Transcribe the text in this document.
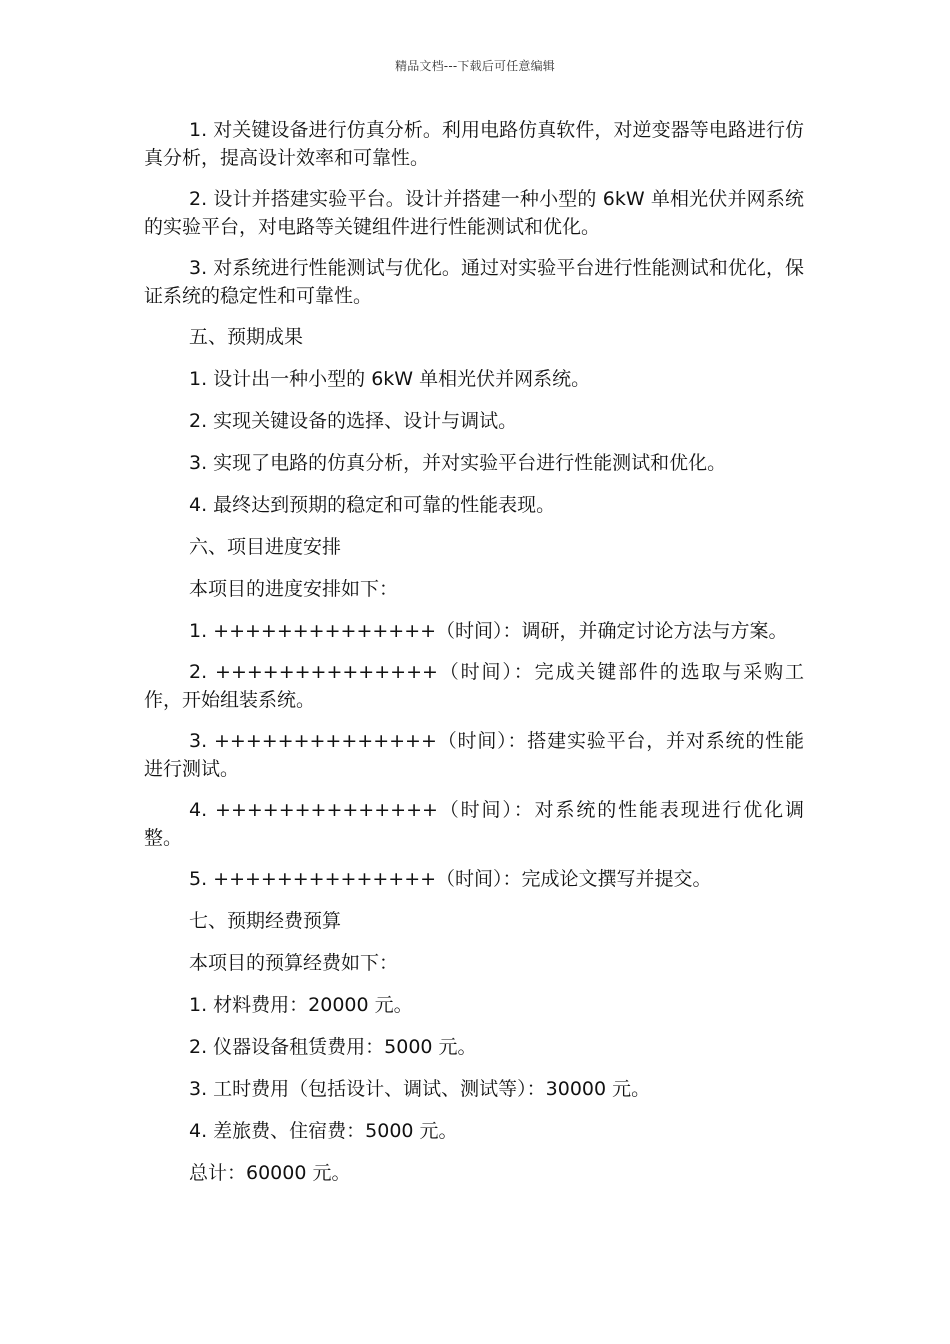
精品文档---下载后可任意编辑

1. 对关键设备进行仿真分析。利用电路仿真软件，对逆变器等电路进行仿真分析，提高设计效率和可靠性。

2. 设计并搭建实验平台。设计并搭建一种小型的 6kW 单相光伏并网系统的实验平台，对电路等关键组件进行性能测试和优化。

3. 对系统进行性能测试与优化。通过对实验平台进行性能测试和优化，保证系统的稳定性和可靠性。

五、预期成果

1. 设计出一种小型的 6kW 单相光伏并网系统。

2. 实现关键设备的选择、设计与调试。

3. 实现了电路的仿真分析，并对实验平台进行性能测试和优化。

4. 最终达到预期的稳定和可靠的性能表现。

六、项目进度安排

本项目的进度安排如下：

1. ++++++++++++++（时间）：调研，并确定讨论方法与方案。

2. ++++++++++++++（时间）：完成关键部件的选取与采购工作，开始组装系统。

3. ++++++++++++++（时间）：搭建实验平台，并对系统的性能进行测试。

4. ++++++++++++++（时间）：对系统的性能表现进行优化调整。

5. ++++++++++++++（时间）：完成论文撰写并提交。

七、预期经费预算

本项目的预算经费如下：

1. 材料费用：20000 元。

2. 仪器设备租赁费用：5000 元。

3. 工时费用（包括设计、调试、测试等）：30000 元。

4. 差旅费、住宿费：5000 元。

总计：60000 元。
